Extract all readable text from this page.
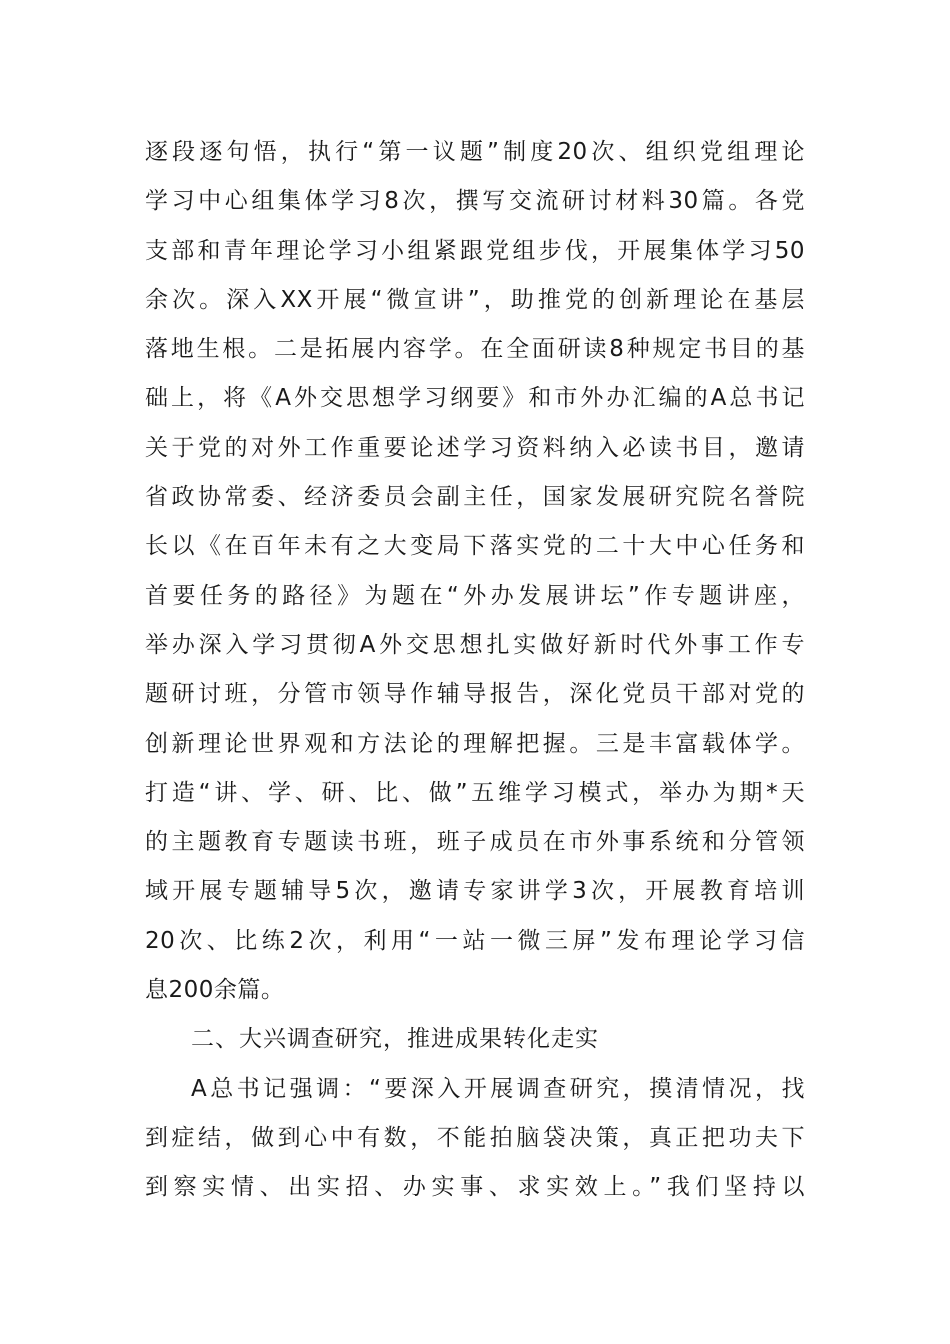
逐段逐句悟，执行“第一议题”制度20次、组织党组理论
学习中心组集体学习8次，撰写交流研讨材料30篇。各党
支部和青年理论学习小组紧跟党组步伐，开展集体学习50
余次。深入XX开展“微宣讲”，助推党的创新理论在基层
落地生根。二是拓展内容学。在全面研读8种规定书目的基
础上，将《A外交思想学习纲要》和市外办汇编的A总书记
关于党的对外工作重要论述学习资料纳入必读书目，邀请
省政协常委、经济委员会副主任，国家发展研究院名誉院
长以《在百年未有之大变局下落实党的二十大中心任务和
首要任务的路径》为题在“外办发展讲坛”作专题讲座，
举办深入学习贯彻A外交思想扎实做好新时代外事工作专
题研讨班，分管市领导作辅导报告，深化党员干部对党的
创新理论世界观和方法论的理解把握。三是丰富载体学。
打造“讲、学、研、比、做”五维学习模式，举办为期*天
的主题教育专题读书班，班子成员在市外事系统和分管领
域开展专题辅导5次，邀请专家讲学3次，开展教育培训
20次、比练2次，利用“一站一微三屏”发布理论学习信
息200余篇。
二、大兴调查研究，推进成果转化走实
A总书记强调：“要深入开展调查研究，摸清情况，找
到症结，做到心中有数，不能拍脑袋决策，真正把功夫下
到察实情、出实招、办实事、求实效上。”我们坚持以
